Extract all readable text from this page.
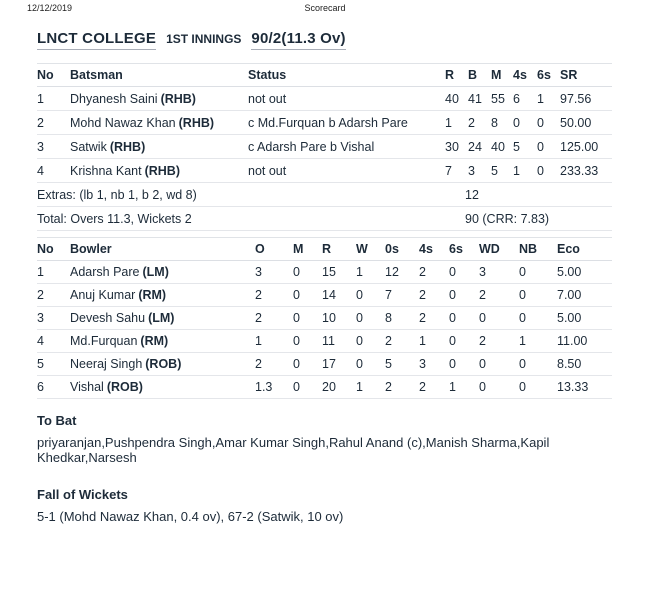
12/12/2019	Scorecard
LNCT COLLEGE 1ST INNINGS 90/2(11.3 Ov)
No	Batsman	Status	R	B	M	4s	6s	SR
1	Dhyanesh Saini (RHB)	not out	40	41	55	6	1	97.56
2	Mohd Nawaz Khan (RHB)	c Md.Furquan b Adarsh Pare	1	2	8	0	0	50.00
3	Satwik (RHB)	c Adarsh Pare b Vishal	30	24	40	5	0	125.00
4	Krishna Kant (RHB)	not out	7	3	5	1	0	233.33
Extras: (lb 1, nb 1, b 2, wd 8)			12					
Total: Overs 11.3, Wickets 2			90 (CRR: 7.83)					
No	Bowler	O	M	R	W	0s	4s	6s	WD	NB	Eco
1	Adarsh Pare (LM)	3	0	15	1	12	2	0	3	0	5.00
2	Anuj Kumar (RM)	2	0	14	0	7	2	0	2	0	7.00
3	Devesh Sahu (LM)	2	0	10	0	8	2	0	0	0	5.00
4	Md.Furquan (RM)	1	0	11	0	2	1	0	2	1	11.00
5	Neeraj Singh (ROB)	2	0	17	0	5	3	0	0	0	8.50
6	Vishal (ROB)	1.3	0	20	1	2	2	1	0	0	13.33
To Bat
priyaranjan,Pushpendra Singh,Amar Kumar Singh,Rahul Anand (c),Manish Sharma,Kapil Khedkar,Narsesh
Fall of Wickets
5-1 (Mohd Nawaz Khan, 0.4 ov), 67-2 (Satwik, 10 ov)
